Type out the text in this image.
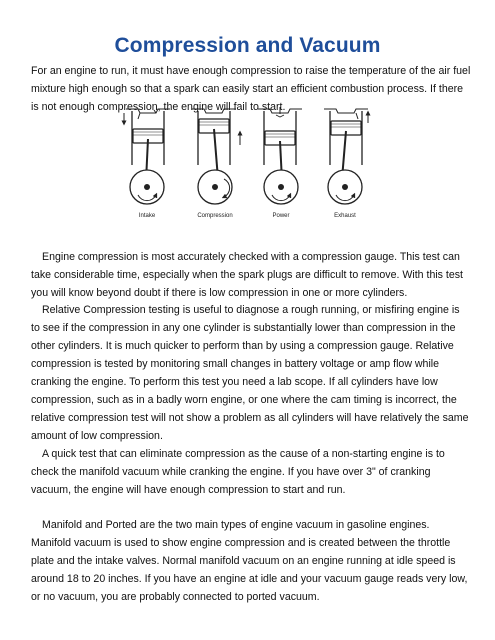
Compression and Vacuum

For an engine to run, it must have enough compression to raise the temperature of the air fuel mixture high enough so that a spark can easily start an efficient combustion process. If there is not enough compression, the engine will fail to start.

Intake	Compression	Power	Exhaust

Engine compression is most accurately checked with a compression gauge. This test can take considerable time, especially when the spark plugs are difficult to remove. With this test you will know beyond doubt if there is low compression in one or more cylinders.

Relative Compression testing is useful to diagnose a rough running, or misfiring engine is to see if the compression in any one cylinder is substantially lower than compression in the other cylinders. It is much quicker to perform than by using a compression gauge. Relative compression is tested by monitoring small changes in battery voltage or amp flow while cranking the engine. To perform this test you need a lab scope. If all cylinders have low compression, such as in a badly worn engine, or one where the cam timing is incorrect, the relative compression test will not show a problem as all cylinders will have relatively the same amount of low compression.

A quick test that can eliminate compression as the cause of a non-starting engine is to check the manifold vacuum while cranking the engine. If you have over 3" of cranking vacuum, the engine will have enough compression to start and run.

Manifold and Ported are the two main types of engine vacuum in gasoline engines. Manifold vacuum is used to show engine compression and is created between the throttle plate and the intake valves. Normal manifold vacuum on an engine running at idle speed is around 18 to 20 inches. If you have an engine at idle and your vacuum gauge reads very low, or no vacuum, you are probably connected to ported vacuum.
